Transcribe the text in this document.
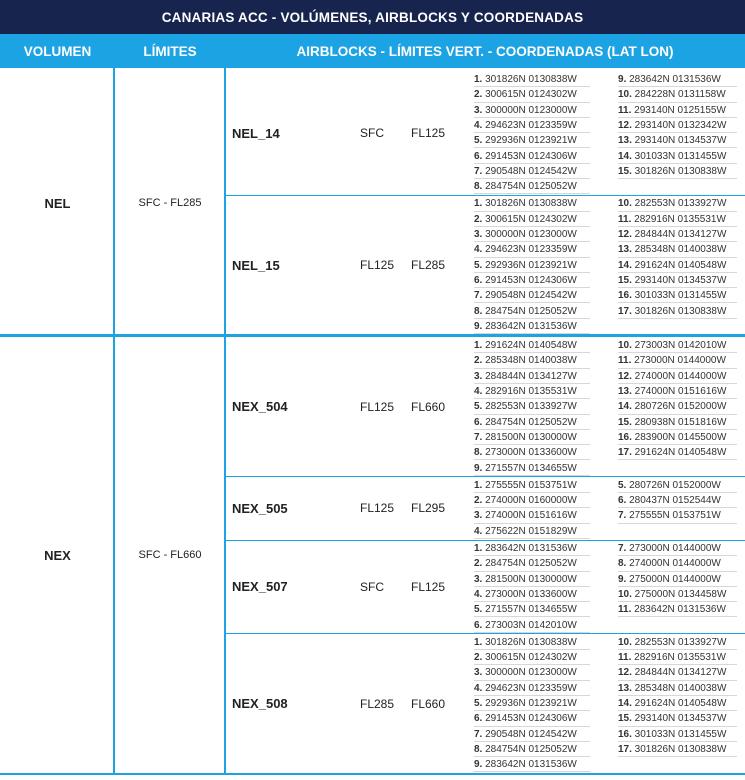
CANARIAS ACC - VOLÚMENES, AIRBLOCKS Y COORDENADAS
VOLUMEN	LÍMITES	AIRBLOCKS - LÍMITES VERT. - COORDENADAS (LAT LON)
NEL_14	SFC FL125
1. 301826N 0130838W
2. 300615N 0124302W
3. 300000N 0123000W
4. 294623N 0123359W
5. 292936N 0123921W
6. 291453N 0124306W
7. 290548N 0124542W
8. 284754N 0125052W
9. 283642N 0131536W
10. 284228N 0131158W
11. 293140N 0125155W
12. 293140N 0132342W
13. 293140N 0134537W
14. 301033N 0131455W
15. 301826N 0130838W
NEL_15	FL125 FL285
1. 301826N 0130838W
2. 300615N 0124302W
3. 300000N 0123000W
4. 294623N 0123359W
5. 292936N 0123921W
6. 291453N 0124306W
7. 290548N 0124542W
8. 284754N 0125052W
9. 283642N 0131536W
10. 282553N 0133927W
11. 282916N 0135531W
12. 284844N 0134127W
13. 285348N 0140038W
14. 291624N 0140548W
15. 293140N 0134537W
16. 301033N 0131455W
17. 301826N 0130838W
NEL	SFC - FL285
NEX_504	FL125 FL660
1. 291624N 0140548W
2. 285348N 0140038W
3. 284844N 0134127W
4. 282916N 0135531W
5. 282553N 0133927W
6. 284754N 0125052W
7. 281500N 0130000W
8. 273000N 0133600W
9. 271557N 0134655W
10. 273003N 0142010W
11. 273000N 0144000W
12. 274000N 0144000W
13. 274000N 0151616W
14. 280726N 0152000W
15. 280938N 0151816W
16. 283900N 0145500W
17. 291624N 0140548W
NEX_505	FL125 FL295
1. 275555N 0153751W
2. 274000N 0160000W
3. 274000N 0151616W
4. 275622N 0151829W
5. 280726N 0152000W
6. 280437N 0152544W
7. 275555N 0153751W
NEX_507	SFC FL125
1. 283642N 0131536W
2. 284754N 0125052W
3. 281500N 0130000W
4. 273000N 0133600W
5. 271557N 0134655W
6. 273003N 0142010W
7. 273000N 0144000W
8. 274000N 0144000W
9. 275000N 0144000W
10. 275000N 0134458W
11. 283642N 0131536W
NEX_508	FL285 FL660
1. 301826N 0130838W
2. 300615N 0124302W
3. 300000N 0123000W
4. 294623N 0123359W
5. 292936N 0123921W
6. 291453N 0124306W
7. 290548N 0124542W
8. 284754N 0125052W
9. 283642N 0131536W
10. 282553N 0133927W
11. 282916N 0135531W
12. 284844N 0134127W
13. 285348N 0140038W
14. 291624N 0140548W
15. 293140N 0134537W
16. 301033N 0131455W
17. 301826N 0130838W
NEX	SFC - FL660
